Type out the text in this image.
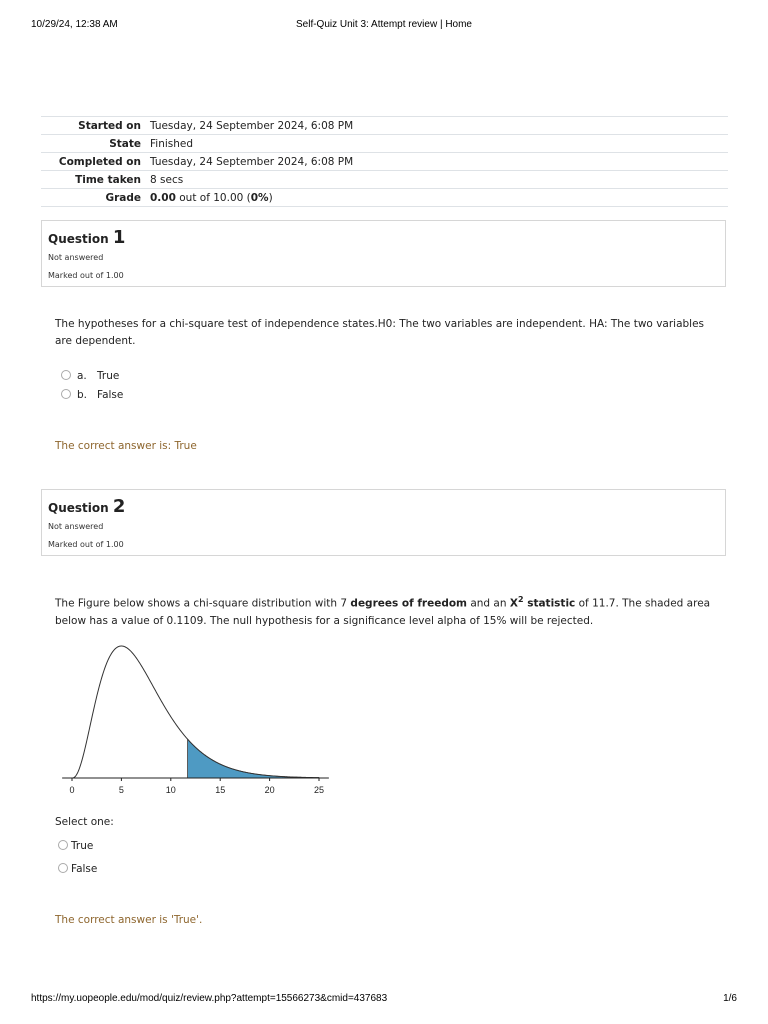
10/29/24, 12:38 AM	Self-Quiz Unit 3: Attempt review | Home
Started on	Tuesday, 24 September 2024, 6:08 PM
State	Finished
Completed on	Tuesday, 24 September 2024, 6:08 PM
Time taken	8 secs
Grade	0.00 out of 10.00 (0%)
Question 1
Not answered
Marked out of 1.00
The hypotheses for a chi-square test of independence states.H0: The two variables are independent. HA: The two variables are dependent.
a. True
b. False
The correct answer is: True
Question 2
Not answered
Marked out of 1.00
The Figure below shows a chi-square distribution with 7 degrees of freedom and an $X^2$ statistic of 11.7. The shaded area below has a value of 0.1109. The null hypothesis for a significance level alpha of 15% will be rejected.
0	5	10	15	20	25
Select one:
True
False
The correct answer is 'True'.
https://my.uopeople.edu/mod/quiz/review.php?attempt=15566273&cmid=437683	1/6
